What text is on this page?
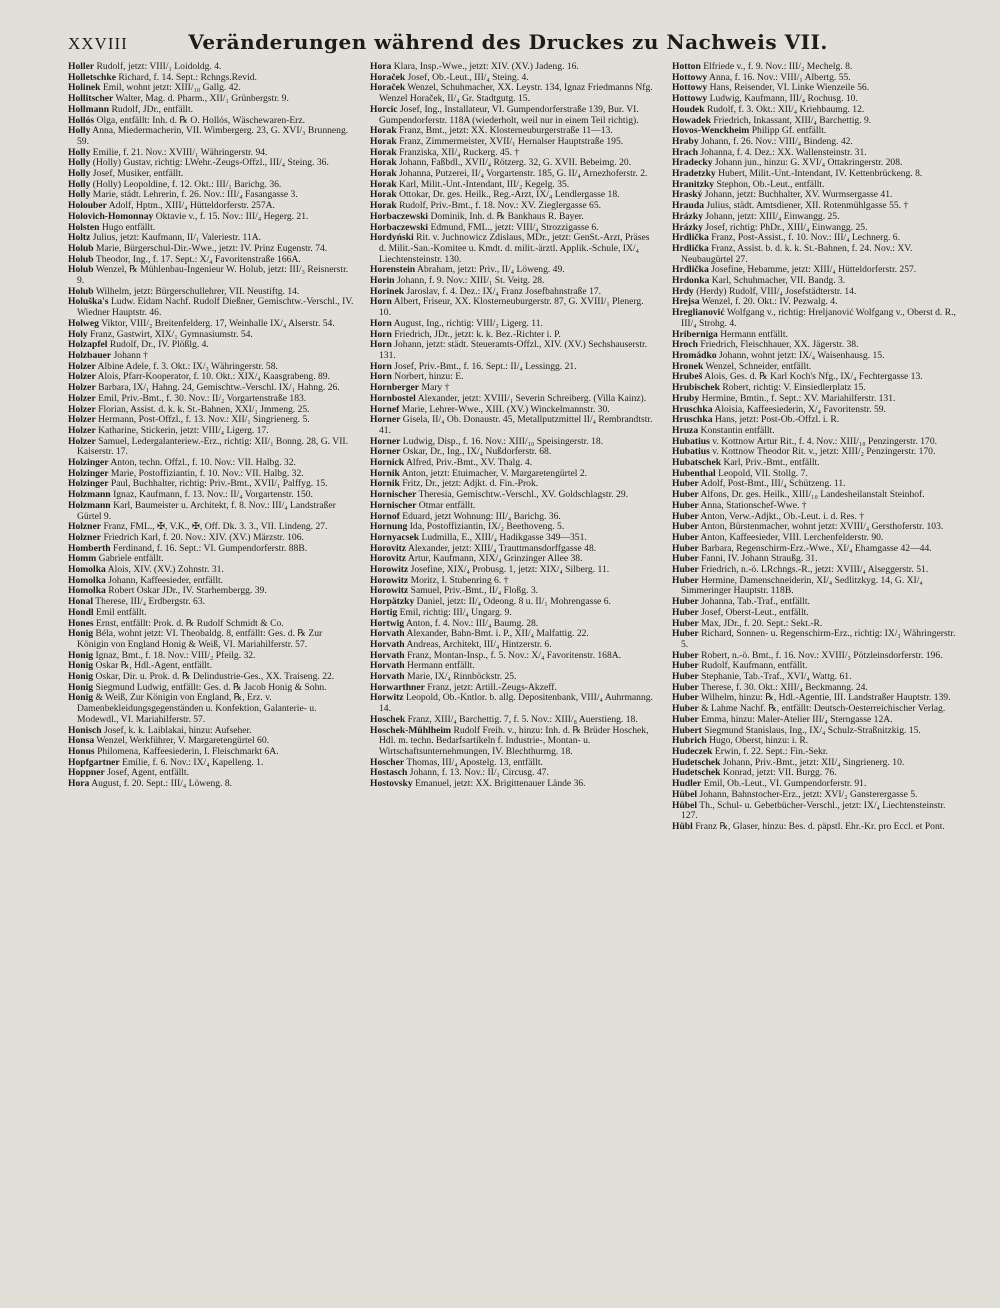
XXVIII	Veränderungen während des Druckes zu Nachweis VII.

Holler Rudolf, jetzt: VIII/₁ Loidoldg. 4.

Holletschke Richard, f. 14. Sept.: Rchngs.Revid.

Holinek Emil, wohnt jetzt: XIII/₁₀ Gallg. 42.

Hollitscher Walter, Mag. d. Pharm., XII/₁ Grünbergstr. 9.

Hollmann Rudolf, JDr., entfällt.

Hollós Olga, entfällt: Inh. d. ℞ O. Hollós, Wäschewaren-Erz.

Holly Anna, Miedermacherin, VII. Wimbergerg. 23, G. XVI/₃ Brunneng. 59.

Holly Emilie, f. 21. Nov.: XVIII/₁ Währingerstr. 94.

Holly (Holly) Gustav, richtig: LWehr.-Zeugs-Offzl., III/₄ Steing. 36.

Holly Josef, Musiker, entfällt.

Holly (Holly) Leopoldine, f. 12. Okt.: III/₁ Barichg. 36.

Holly Marie, städt. Lehrerin, f. 26. Nov.: III/₄ Fasangasse 3.

Holouber Adolf, Hptm., XIII/₄ Hütteldorferstr. 257A.

Holovich-Homonnay Oktavie v., f. 15. Nov.: III/₄ Hegerg. 21.

Holsten Hugo entfällt.

Holtz Julius, jetzt: Kaufmann, II/₁ Valeriestr. 11A.

Holub Marie, Bürgerschul-Dir.-Wwe., jetzt: IV. Prinz Eugenstr. 74.

Holub Theodor, Ing., f. 17. Sept.: X/₄ Favoritenstraße 166A.

Holub Wenzel, ℞ Mühlenbau-Ingenieur W. Holub, jetzt: III/₃ Reisnerstr. 9.

Holub Wilhelm, jetzt: Bürgerschullehrer, VII. Neustiftg. 14.

Holuška's Ludw. Eidam Nachf. Rudolf Dießner, Gemischtw.-Verschl., IV. Wiedner Hauptstr. 46.

Holweg Viktor, VIII/₂ Breitenfelderg. 17, Weinhalle IX/₄ Alserstr. 54.

Holy Franz, Gastwirt, XIX/₁ Gymnasiumstr. 54.

Holzapfel Rudolf, Dr., IV. Plößlg. 4.

Holzbauer Johann †

Holzer Albine Adele, f. 3. Okt.: IX/₃ Währingerstr. 58.

Holzer Alois, Pfarr-Kooperator, f. 10. Okt.: XIX/₄ Kaasgrabeng. 89.

Holzer Barbara, IX/₁ Hahng. 24, Gemischtw.-Verschl. IX/₁ Hahng. 26.

Holzer Emil, Priv.-Bmt., f. 30. Nov.: II/₂ Vorgartenstraße 183.

Holzer Florian, Assist. d. k. k. St.-Bahnen, XXI/₁ Jmmeng. 25.

Holzer Hermann, Post-Offzl., f. 13. Nov.: XII/₁ Singrienerg. 5.

Holzer Katharine, Stickerin, jetzt: VIII/₄ Ligerg. 17.

Holzer Samuel, Ledergalanteriew.-Erz., richtig: XII/₁ Bonng. 28, G. VII. Kaiserstr. 17.

Holzinger Anton, techn. Offzl., f. 10. Nov.: VII. Halbg. 32.

Holzinger Marie, Postoffiziantin, f. 10. Nov.: VII. Halbg. 32.

Holzinger Paul, Buchhalter, richtig: Priv.-Bmt., XVII/₁ Palffyg. 15.

Holzmann Ignaz, Kaufmann, f. 13. Nov.: II/₄ Vorgartenstr. 150.

Holzmann Karl, Baumeister u. Architekt, f. 8. Nov.: III/₄ Landstraßer Gürtel 9.

Holzner Franz, FML., ✠, V.K., ✠, Off. Dk. 3. 3., VII. Lindeng. 27.

Holzner Friedrich Karl, f. 20. Nov.: XIV. (XV.) Märzstr. 106.

Homberth Ferdinand, f. 16. Sept.: VI. Gumpendorferstr. 88B.

Homm Gabriele entfällt.

Homolka Alois, XIV. (XV.) Zohnstr. 31.

Homolka Johann, Kaffeesieder, entfällt.

Homolka Robert Oskar JDr., IV. Starhembergg. 39.

Honal Therese, III/₄ Erdbergstr. 63.

Hondl Emil entfällt.

Hones Ernst, entfällt: Prok. d. ℞ Rudolf Schmidt & Co.

Honig Béla, wohnt jetzt: VI. Theobaldg. 8, entfällt: Ges. d. ℞ Zur Königin von England Honig & Weiß, VI. Mariahilferstr. 57.

Honig Ignaz, Bmt., f. 18. Nov.: VIII/₂ Pfeilg. 32.

Honig Oskar ℞, Hdl.-Agent, entfällt.

Honig Oskar, Dir. u. Prok. d. ℞ Delindustrie-Ges., XX. Traiseng. 22.

Honig Siegmund Ludwig, entfällt: Ges. d. ℞ Jacob Honig & Sohn.

Honig & Weiß, Zur Königin von England, ℞, Erz. v. Damenbekleidungsgegenständen u. Konfektion, Galanterie- u. Modewdl., VI. Mariahilferstr. 57.

Honisch Josef, k. k. Laiblakai, hinzu: Aufseher.

Honsa Wenzel, Werkführer, V. Margaretengürtel 60.

Honus Philomena, Kaffeesiederin, I. Fleischmarkt 6A.

Hopfgartner Emilie, f. 6. Nov.: IX/₄ Kapelleng. 1.

Hoppner Josef, Agent, entfällt.

Hora August, f. 20. Sept.: III/₄ Löweng. 8.

Hora Klara, Insp.-Wwe., jetzt: XIV. (XV.) Jadeng. 16.

Horaček Josef, Ob.-Leut., III/₄ Steing. 4.

Horaček Wenzel, Schuhmacher, XX. Leystr. 134, Ignaz Friedmanns Nfg. Wenzel Horaček, II/₄ Gr. Stadtgutg. 15.

Horcic Josef, Ing., Installateur, VI. Gumpendorferstraße 139, Bur. VI. Gumpendorferstr. 118A (wiederholt, weil nur in einem Teil richtig).

Horak Franz, Bmt., jetzt: XX. Klosterneuburgerstraße 11—13.

Horak Franz, Zimmermeister, XVII/₁ Hernalser Hauptstraße 195.

Horak Franziska, XII/₄ Ruckerg. 45. †

Horak Johann, Faßbdl., XVII/₄ Rötzerg. 32, G. XVII. Bebeimg. 20.

Horak Johanna, Putzerei, II/₄ Vorgartenstr. 185, G. II/₄ Arnezhoferstr. 2.

Horak Karl, Milit.-Unt.-Intendant, III/₂ Kegelg. 35.

Horak Ottokar, Dr. ges. Heilk., Reg.-Arzt, IX/₄ Lendlergasse 18.

Horak Rudolf, Priv.-Bmt., f. 18. Nov.: XV. Zieglergasse 65.

Horbaczewski Dominik, Inh. d. ℞ Bankhaus R. Bayer.

Horbaczewski Edmund, FML., jetzt: VIII/₄ Strozzigasse 6.

Hordyński Rit. v. Juchnowicz Zdislaus, MDr., jetzt: GenSt.-Arzt, Präses d. Milit.-San.-Komitee u. Kmdt. d. milit.-ärztl. Applik.-Schule, IX/₄ Liechtensteinstr. 130.

Horenstein Abraham, jetzt: Priv., II/₄ Löweng. 49.

Horin Johann, f. 9. Nov.: XIII/₁ St. Veitg. 28.

Horinek Jaroslav, f. 4. Dez.: IX/₄ Franz Josefbahnstraße 17.

Horn Albert, Friseur, XX. Klosterneuburgerstr. 87, G. XVIII/₁ Plenerg. 10.

Horn August, Ing., richtig: VIII/₃ Ligerg. 11.

Horn Friedrich, JDr., jetzt: k. k. Bez.-Richter i. P.

Horn Johann, jetzt: städt. Steueramts-Offzl., XIV. (XV.) Sechshauserstr. 131.

Horn Josef, Priv.-Bmt., f. 16. Sept.: II/₄ Lessingg. 21.

Horn Norbert, hinzu: E.

Hornberger Mary †

Hornbostel Alexander, jetzt: XVIII/₁ Severin Schreiberg. (Villa Kainz).

Hornef Marie, Lehrer-Wwe., XIII. (XV.) Winckelmannstr. 30.

Horner Gisela, II/₄ Ob. Donaustr. 45, Metallputzmittel II/₄ Rembrandtstr. 41.

Horner Ludwig, Disp., f. 16. Nov.: XIII/₁₀ Speisingerstr. 18.

Horner Oskar, Dr., Ing., IX/₄ Nußdorferstr. 68.

Hornick Alfred, Priv.-Bmt., XV. Thalg. 4.

Hornik Anton, jetzt: Etuimacher, V. Margaretengürtel 2.

Hornik Fritz, Dr., jetzt: Adjkt. d. Fin.-Prok.

Hornischer Theresia, Gemischtw.-Verschl., XV. Goldschlagstr. 29.

Hornischer Otmar entfällt.

Hornof Eduard, jetzt Wohnung: III/₄ Barichg. 36.

Hornung Ida, Postoffiziantin, IX/₂ Beethoveng. 5.

Hornyacsek Ludmilla, E., XIII/₄ Hadikgasse 349—351.

Horovitz Alexander, jetzt: XIII/₄ Trauttmansdorffgasse 48.

Horovitz Artur, Kaufmann, XIX/₄ Grinzinger Allee 38.

Horowitz Josefine, XIX/₄ Probusg. 1, jetzt: XIX/₄ Silberg. 11.

Horowitz Moritz, I. Stubenring 6. †

Horowitz Samuel, Priv.-Bmt., II/₄ Floßg. 3.

Horpätzky Daniel, jetzt: II/₄ Odeong. 8 u. II/₁ Mohrengasse 6.

Hortig Emil, richtig: III/₄ Ungarg. 9.

Hortwig Anton, f. 4. Nov.: III/₄ Baumg. 28.

Horvath Alexander, Bahn-Bmt. i. P., XII/₄ Malfattig. 22.

Horvath Andreas, Architekt, III/₄ Hintzerstr. 6.

Horvath Franz, Montan-Insp., f. 5. Nov.: X/₄ Favoritenstr. 168A.

Horvath Hermann entfällt.

Horvath Marie, IX/₄ Rinnböckstr. 25.

Horwarthner Franz, jetzt: Artill.-Zeugs-Akzeff.

Horwitz Leopold, Ob.-Kntlor. b. allg. Depositenbank, VIII/₄ Auhrmanng. 14.

Hoschek Franz, XIII/₄ Barchettig. 7, f. 5. Nov.: XIII/₈ Auerstieng. 18.

Hoschek-Mühlheim Rudolf Freih. v., hinzu: Inh. d. ℞ Brüder Hoschek, Hdl. m. techn. Bedarfsartikeln f. Industrie-, Montan- u. Wirtschaftsunternehmungen, IV. Blechthurmg. 18.

Hoscher Thomas, III/₄ Apostelg. 13, entfällt.

Hostasch Johann, f. 13. Nov.: II/₁ Circusg. 47.

Hostovsky Emanuel, jetzt: XX. Brigittenauer Lände 36.

Hotton Elfriede v., f. 9. Nov.: III/₂ Mechelg. 8.

Hottowy Anna, f. 16. Nov.: VIII/₁ Albertg. 55.

Hottowy Hans, Reisender, VI. Linke Wienzeile 56.

Hottowy Ludwig, Kaufmann, III/₄ Rochusg. 10.

Houdek Rudolf, f. 3. Okt.: XII/₄ Kriehbaumg. 12.

Howadek Friedrich, Inkassant, XIII/₄ Barchettig. 9.

Hovos-Wenckheim Philipp Gf. entfällt.

Hraby Johann, f. 26. Nov.: VIII/₄ Bindeng. 42.

Hrach Johanna, f. 4. Dez.: XX. Wallensteinstr. 31.

Hradecky Johann jun., hinzu: G. XVI/₄ Ottakringerstr. 208.

Hradetzky Hubert, Milit.-Unt.-Intendant, IV. Kettenbrückeng. 8.

Hranitzky Stephon, Ob.-Leut., entfällt.

Hraský Johann, jetzt: Buchhalter, XV. Wurmsergasse 41.

Hrauda Julius, städt. Amtsdiener, XII. Rotenmühlgasse 55. †

Hrázky Johann, jetzt: XIII/₄ Einwangg. 25.

Hrázky Josef, richtig: PhDr., XIII/₄ Einwangg. 25.

Hrdlička Franz, Post-Assist., f. 10. Nov.: III/₄ Lechnerg. 6.

Hrdlička Franz, Assist. b. d. k. k. St.-Bahnen, f. 24. Nov.: XV. Neubaugürtel 27.

Hrdlička Josefine, Hebamme, jetzt: XIII/₄ Hütteldorferstr. 257.

Hrdonka Karl, Schuhmacher, VII. Bandg. 3.

Hrdy (Herdy) Rudolf, VIII/₄ Josefstädterstr. 14.

Hrejsa Wenzel, f. 20. Okt.: IV. Pezwalg. 4.

Hreglianović Wolfgang v., richtig: Hreljanović Wolfgang v., Oberst d. R., III/₄ Strohg. 4.

Hriberniga Hermann entfällt.

Hroch Friedrich, Fleischhauer, XX. Jägerstr. 38.

Hromádko Johann, wohnt jetzt: IX/₄ Waisenhausg. 15.

Hronek Wenzel, Schneider, entfällt.

Hrubeš Alois, Ges. d. ℞ Karl Koch's Nfg., IX/₄ Fechtergasse 13.

Hrubischek Robert, richtig: V. Einsiedlerplatz 15.

Hruby Hermine, Bmtin., f. Sept.: XV. Mariahilferstr. 131.

Hruschka Aloisia, Kaffeesiederin, X/₄ Favoritenstr. 59.

Hruschka Hans, jetzt: Post-Ob.-Offzl. i. R.

Hruza Konstantin entfällt.

Hubatius v. Kottnow Artur Rit., f. 4. Nov.: XIII/₁₀ Penzingerstr. 170.

Hubatius v. Kottnow Theodor Rit. v., jetzt: XIII/₂ Penzingerstr. 170.

Hubatschek Karl, Priv.-Bmt., entfällt.

Hubenthal Leopold, VII. Stollg. 7.

Huber Adolf, Post-Bmt., III/₄ Schützeng. 11.

Huber Alfons, Dr. ges. Heilk., XIII/₁₀ Landesheilanstalt Steinhof.

Huber Anna, Stationschef-Wwe. †

Huber Anton, Verw.-Adjkt., Ob.-Leut. i. d. Res. †

Huber Anton, Bürstenmacher, wohnt jetzt: XVIII/₄ Gersthoferstr. 103.

Huber Anton, Kaffeesieder, VIII. Lerchenfelderstr. 90.

Huber Barbara, Regenschirm-Erz.-Wwe., XI/₄ Ehamgasse 42—44.

Huber Fanni, IV. Johann Straußg. 31.

Huber Friedrich, n.-ö. LRchngs.-R., jetzt: XVIII/₄ Alseggerstr. 51.

Huber Hermine, Damenschneiderin, XI/₄ Sedlitzkyg. 14, G. XI/₄ Simmeringer Hauptstr. 118B.

Huber Johanna, Tab.-Traf., entfällt.

Huber Josef, Oberst-Leut., entfällt.

Huber Max, JDr., f. 20. Sept.: Sekt.-R.

Huber Richard, Sonnen- u. Regenschirm-Erz., richtig: IX/₃ Währingerstr. 5.

Huber Robert, n.-ö. Bmt., f. 16. Nov.: XVIII/₃ Pötzleinsdorferstr. 196.

Huber Rudolf, Kaufmann, entfällt.

Huber Stephanie, Tab.-Traf., XVI/₄ Wattg. 61.

Huber Therese, f. 30. Okt.: XIII/₄ Beckmanng. 24.

Huber Wilhelm, hinzu: ℞, Hdl.-Agentie, III. Landstraßer Hauptstr. 139.

Huber & Lahme Nachf. ℞, entfällt: Deutsch-Oesterreichischer Verlag.

Huber Emma, hinzu: Maler-Atelier III/₄ Sterngasse 12A.

Hubert Siegmund Stanislaus, Ing., IX/₄ Schulz-Straßnitzkig. 15.

Hubrich Hugo, Oberst, hinzu: i. R.

Hudeczek Erwin, f. 22. Sept.: Fin.-Sekr.

Hudetschek Johann, Priv.-Bmt., jetzt: XII/₄ Singrienerg. 10.

Hudetschek Konrad, jetzt: VII. Burgg. 76.

Hudler Emil, Ob.-Leut., VI. Gumpendorferstr. 91.

Hübel Johann, Bahnstocher-Erz., jetzt: XVI/₂ Gansterergasse 5.

Hübel Th., Schul- u. Gebetbücher-Verschl., jetzt: IX/₄ Liechtensteinstr. 127.

Hübl Franz ℞, Glaser, hinzu: Bes. d. päpstl. Ehr.-Kr. pro Eccl. et Pont.
